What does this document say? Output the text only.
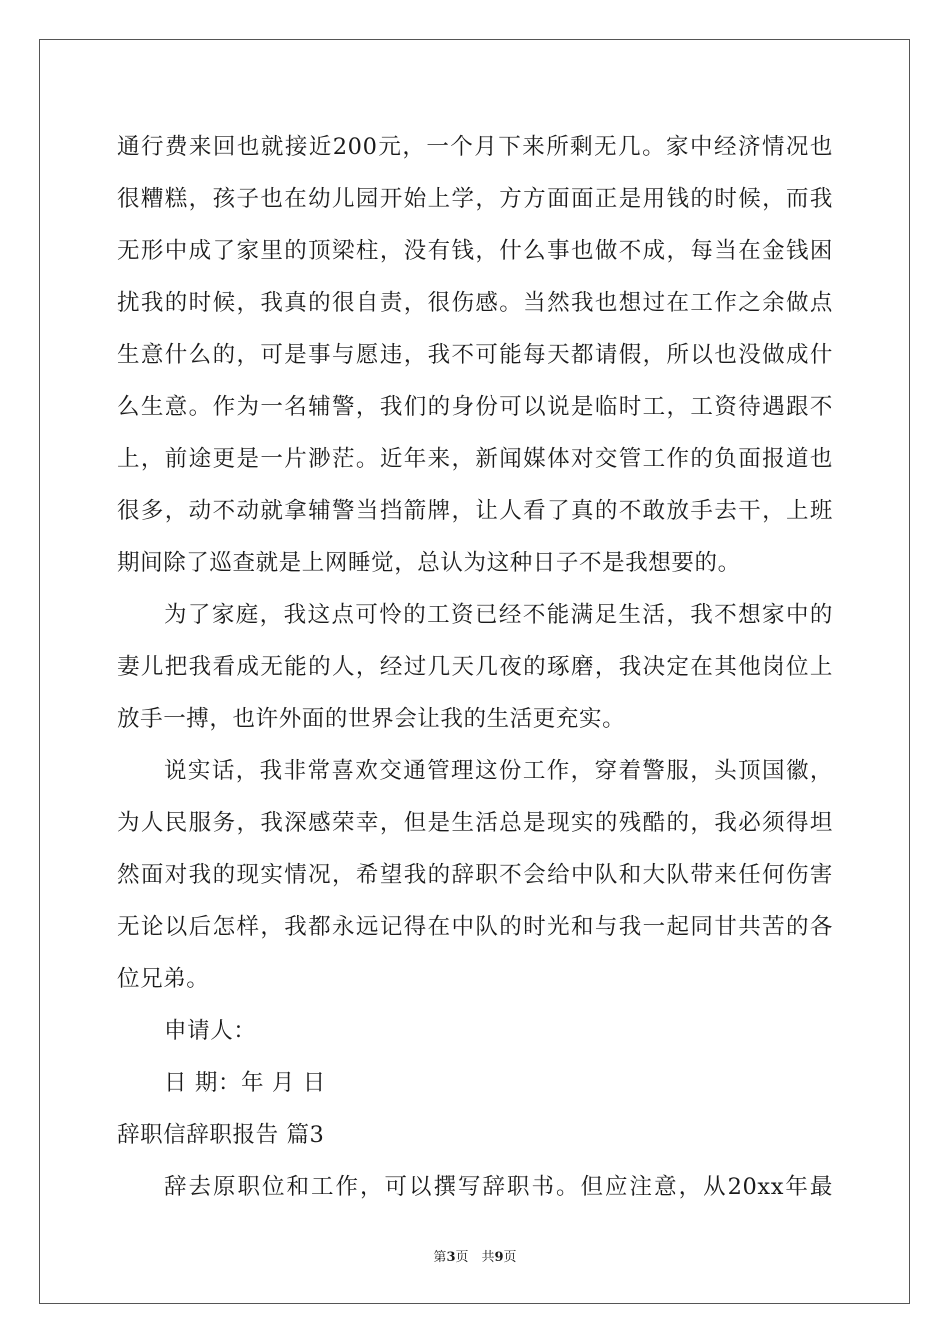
通行费来回也就接近200元，一个月下来所剩无几。家中经济情况也
很糟糕，孩子也在幼儿园开始上学，方方面面正是用钱的时候，而我
无形中成了家里的顶梁柱，没有钱，什么事也做不成，每当在金钱困
扰我的时候，我真的很自责，很伤感。当然我也想过在工作之余做点
生意什么的，可是事与愿违，我不可能每天都请假，所以也没做成什
么生意。作为一名辅警，我们的身份可以说是临时工，工资待遇跟不
上，前途更是一片渺茫。近年来，新闻媒体对交管工作的负面报道也
很多，动不动就拿辅警当挡箭牌，让人看了真的不敢放手去干，上班
期间除了巡查就是上网睡觉，总认为这种日子不是我想要的。
为了家庭，我这点可怜的工资已经不能满足生活，我不想家中的
妻儿把我看成无能的人，经过几天几夜的琢磨，我决定在其他岗位上
放手一搏，也许外面的世界会让我的生活更充实。
说实话，我非常喜欢交通管理这份工作，穿着警服，头顶国徽，
为人民服务，我深感荣幸，但是生活总是现实的残酷的，我必须得坦
然面对我的现实情况，希望我的辞职不会给中队和大队带来任何伤害
无论以后怎样，我都永远记得在中队的时光和与我一起同甘共苦的各
位兄弟。
申请人：
日 期：年 月 日
辞职信辞职报告 篇3
辞去原职位和工作，可以撰写辞职书。但应注意，从20xx年最
第3页　共9页
